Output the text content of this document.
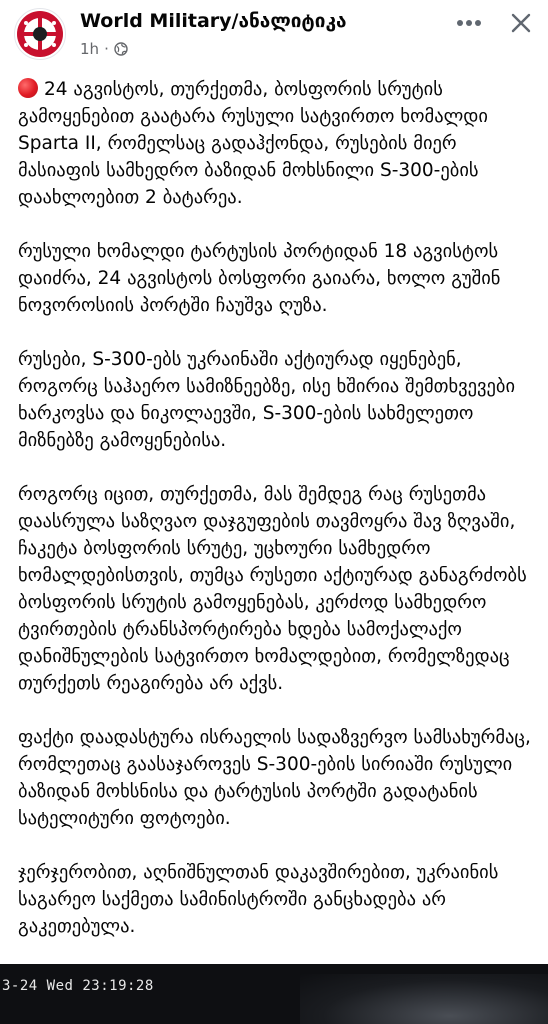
World Military/ანალიტიკა
1h ·

24 აგვისტოს, თურქეთმა, ბოსფორის სრუტის გამოყენებით გაატარა რუსული სატვირთო ხომალდი Sparta II, რომელსაც გადაჰქონდა, რუსების მიერ მასიაფის სამხედრო ბაზიდან მოხსნილი S-300-ების დაახლოებით 2 ბატარეა.

რუსული ხომალდი ტარტუსის პორტიდან 18 აგვისტოს დაიძრა, 24 აგვისტოს ბოსფორი გაიარა, ხოლო გუშინ ნოვოროსიის პორტში ჩაუშვა ღუზა.

რუსები, S-300-ებს უკრაინაში აქტიურად იყენებენ, როგორც საჰაერო სამიზნეებზე, ისე ხშირია შემთხვევები ხარკოვსა და ნიკოლაევში, S-300-ების სახმელეთო მიზნებზე გამოყენებისა.

როგორც იცით, თურქეთმა, მას შემდეგ რაც რუსეთმა დაასრულა საზღვაო დაჯგუფების თავმოყრა შავ ზღვაში, ჩაკეტა ბოსფორის სრუტე, უცხოური სამხედრო ხომალდებისთვის, თუმცა რუსეთი აქტიურად განაგრძობს ბოსფორის სრუტის გამოყენებას, კერძოდ სამხედრო ტვირთების ტრანსპორტირება ხდება სამოქალაქო დანიშნულების სატვირთო ხომალდებით, რომელზედაც თურქეთს რეაგირება არ აქვს.

ფაქტი დაადასტურა ისრაელის სადაზვერვო სამსახურმაც, რომლეთაც გაასაჯაროვეს S-300-ების სირიაში რუსული ბაზიდან მოხსნისა და ტარტუსის პორტში გადატანის სატელიტური ფოტოები.

ჯერჯერობით, აღნიშნულთან დაკავშირებით, უკრაინის საგარეო საქმეთა სამინისტროში განცხადება არ გაკეთებულა.

3-24 Wed 23:19:28
